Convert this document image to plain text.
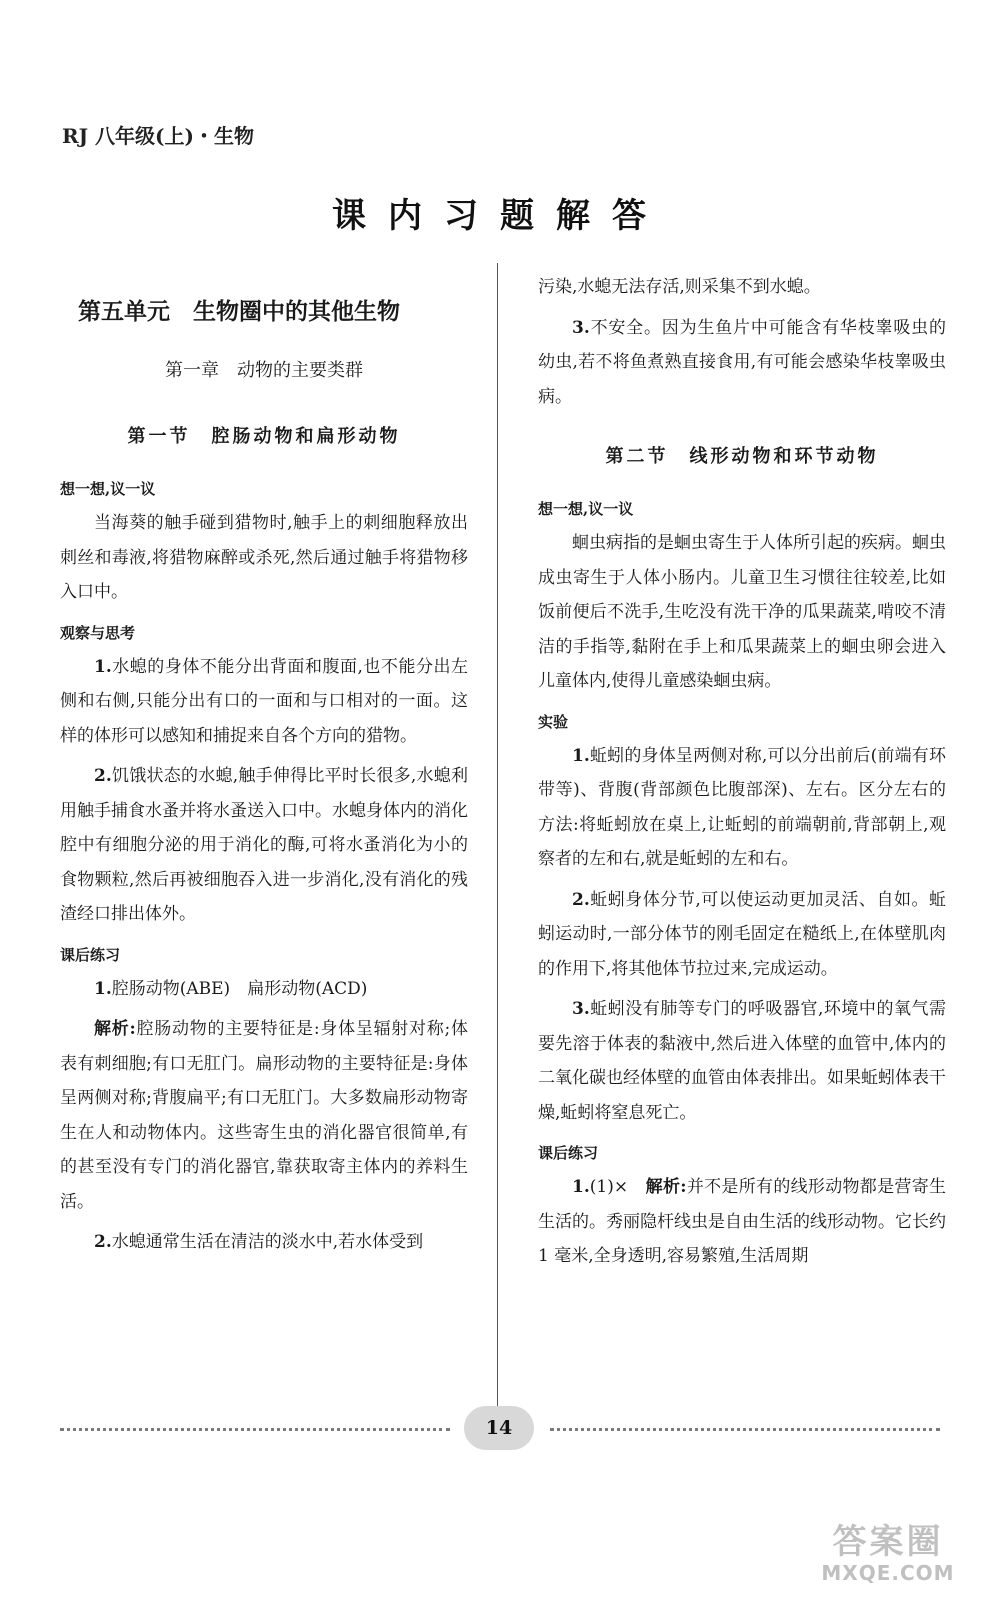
RJ 八年级(上)・生物
课内习题解答
第五单元　生物圈中的其他生物
第一章　动物的主要类群
第一节　腔肠动物和扁形动物
想一想,议一议

当海葵的触手碰到猎物时,触手上的刺细胞释放出刺丝和毒液,将猎物麻醉或杀死,然后通过触手将猎物移入口中。

观察与思考

1.水螅的身体不能分出背面和腹面,也不能分出左侧和右侧,只能分出有口的一面和与口相对的一面。这样的体形可以感知和捕捉来自各个方向的猎物。

2.饥饿状态的水螅,触手伸得比平时长很多,水螅利用触手捕食水蚤并将水蚤送入口中。水螅身体内的消化腔中有细胞分泌的用于消化的酶,可将水蚤消化为小的食物颗粒,然后再被细胞吞入进一步消化,没有消化的残渣经口排出体外。

课后练习

1.腔肠动物(ABE)　扁形动物(ACD)

解析:腔肠动物的主要特征是:身体呈辐射对称;体表有刺细胞;有口无肛门。扁形动物的主要特征是:身体呈两侧对称;背腹扁平;有口无肛门。大多数扁形动物寄生在人和动物体内。这些寄生虫的消化器官很简单,有的甚至没有专门的消化器官,靠获取寄主体内的养料生活。

2.水螅通常生活在清洁的淡水中,若水体受到

污染,水螅无法存活,则采集不到水螅。

3.不安全。因为生鱼片中可能含有华枝睾吸虫的幼虫,若不将鱼煮熟直接食用,有可能会感染华枝睾吸虫病。

第二节　线形动物和环节动物
想一想,议一议

蛔虫病指的是蛔虫寄生于人体所引起的疾病。蛔虫成虫寄生于人体小肠内。儿童卫生习惯往往较差,比如饭前便后不洗手,生吃没有洗干净的瓜果蔬菜,啃咬不清洁的手指等,黏附在手上和瓜果蔬菜上的蛔虫卵会进入儿童体内,使得儿童感染蛔虫病。

实验

1.蚯蚓的身体呈两侧对称,可以分出前后(前端有环带等)、背腹(背部颜色比腹部深)、左右。区分左右的方法:将蚯蚓放在桌上,让蚯蚓的前端朝前,背部朝上,观察者的左和右,就是蚯蚓的左和右。

2.蚯蚓身体分节,可以使运动更加灵活、自如。蚯蚓运动时,一部分体节的刚毛固定在糙纸上,在体壁肌肉的作用下,将其他体节拉过来,完成运动。

3.蚯蚓没有肺等专门的呼吸器官,环境中的氧气需要先溶于体表的黏液中,然后进入体壁的血管中,体内的二氧化碳也经体壁的血管由体表排出。如果蚯蚓体表干燥,蚯蚓将窒息死亡。

课后练习

1.(1)×　 解析:并不是所有的线形动物都是营寄生生活的。秀丽隐杆线虫是自由生活的线形动物。它长约 1 毫米,全身透明,容易繁殖,生活周期

14
答案圈
MXQE.COM
